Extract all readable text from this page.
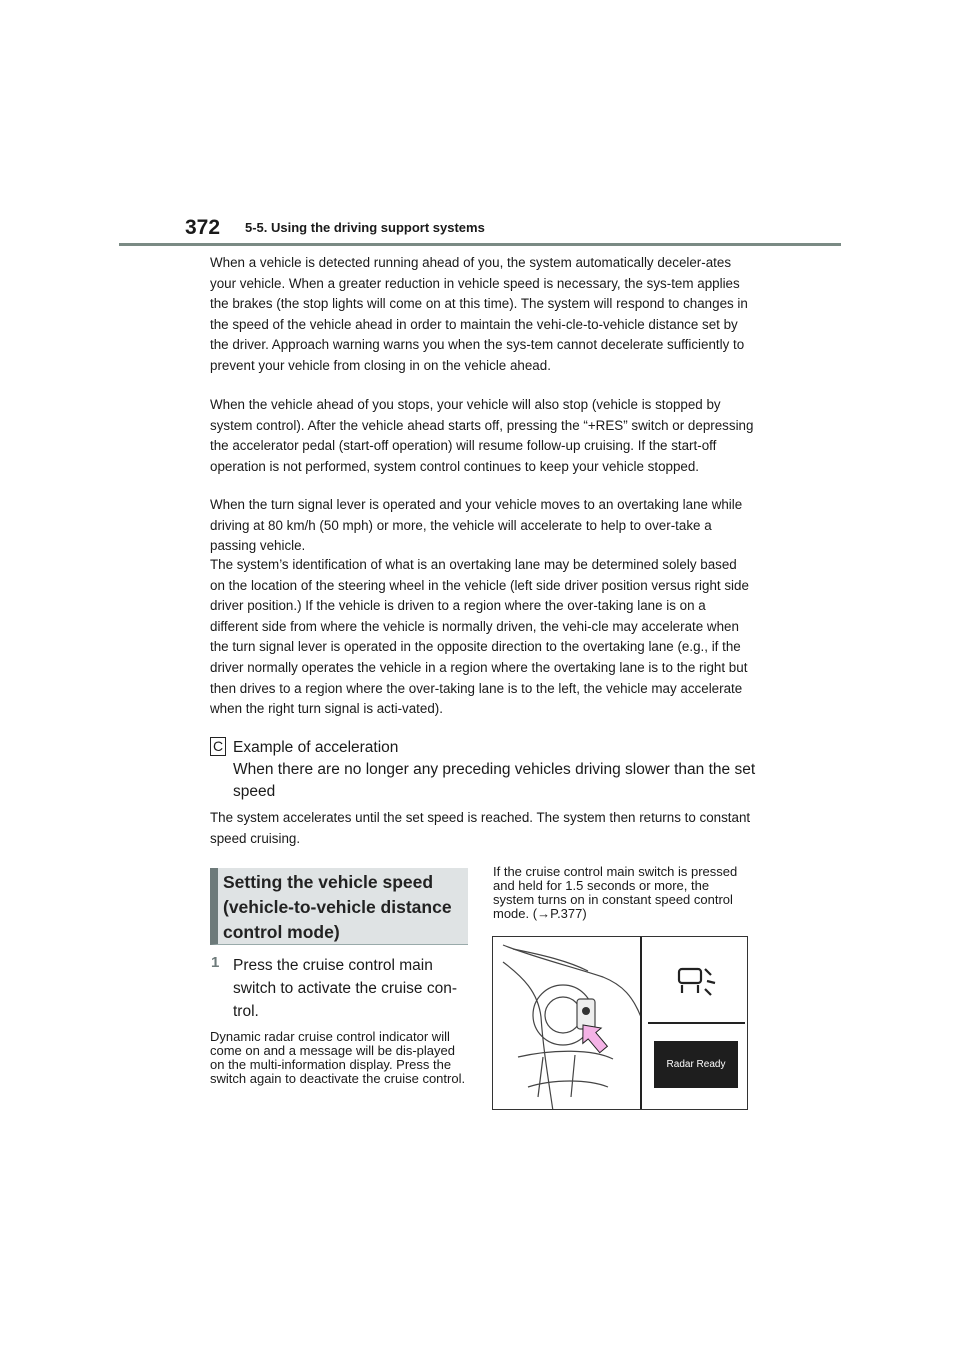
372 5-5. Using the driving support systems

When a vehicle is detected running ahead of you, the system automatically deceler-ates your vehicle. When a greater reduction in vehicle speed is necessary, the sys-tem applies the brakes (the stop lights will come on at this time). The system will respond to changes in the speed of the vehicle ahead in order to maintain the vehi-cle-to-vehicle distance set by the driver. Approach warning warns you when the sys-tem cannot decelerate sufficiently to prevent your vehicle from closing in on the vehicle ahead.

When the vehicle ahead of you stops, your vehicle will also stop (vehicle is stopped by system control). After the vehicle ahead starts off, pressing the “+RES” switch or depressing the accelerator pedal (start-off operation) will resume follow-up cruising. If the start-off operation is not performed, system control continues to keep your vehicle stopped.

When the turn signal lever is operated and your vehicle moves to an overtaking lane while driving at 80 km/h (50 mph) or more, the vehicle will accelerate to help to over-take a passing vehicle.

The system’s identification of what is an overtaking lane may be determined solely based on the location of the steering wheel in the vehicle (left side driver position versus right side driver position.) If the vehicle is driven to a region where the over-taking lane is on a different side from where the vehicle is normally driven, the vehi-cle may accelerate when the turn signal lever is operated in the opposite direction to the overtaking lane (e.g., if the driver normally operates the vehicle in a region where the overtaking lane is to the right but then drives to a region where the over-taking lane is to the left, the vehicle may accelerate when the right turn signal is acti-vated).

C Example of acceleration
When there are no longer any preceding vehicles driving slower than the set speed

The system accelerates until the set speed is reached. The system then returns to constant speed cruising.

Setting the vehicle speed
(vehicle-to-vehicle distance
control mode)
1 Press the cruise control main switch to activate the cruise con-trol.
Dynamic radar cruise control indicator will come on and a message will be dis-played on the multi-information display. Press the switch again to deactivate the cruise control.
If the cruise control main switch is pressed and held for 1.5 seconds or more, the system turns on in constant speed control mode. (→P.377)
Radar Ready
